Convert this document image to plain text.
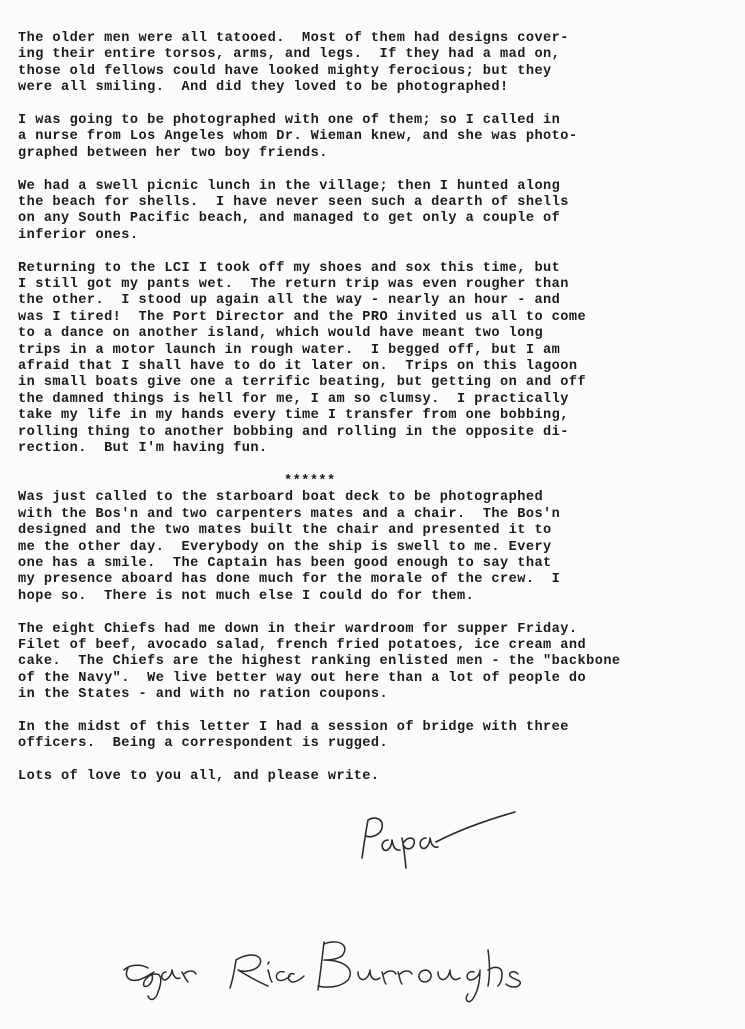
The older men were all tatooed.  Most of them had designs cover-
ing their entire torsos, arms, and legs.  If they had a mad on,
those old fellows could have looked mighty ferocious; but they
were all smiling.  And did they loved to be photographed!

I was going to be photographed with one of them; so I called in
a nurse from Los Angeles whom Dr. Wieman knew, and she was photo-
graphed between her two boy friends.

We had a swell picnic lunch in the village; then I hunted along
the beach for shells.  I have never seen such a dearth of shells
on any South Pacific beach, and managed to get only a couple of
inferior ones.

Returning to the LCI I took off my shoes and sox this time, but
I still got my pants wet.  The return trip was even rougher than
the other.  I stood up again all the way - nearly an hour - and
was I tired!  The Port Director and the PRO invited us all to come
to a dance on another island, which would have meant two long
trips in a motor launch in rough water.  I begged off, but I am
afraid that I shall have to do it later on.  Trips on this lagoon
in small boats give one a terrific beating, but getting on and off
the damned things is hell for me, I am so clumsy.  I practically
take my life in my hands every time I transfer from one bobbing,
rolling thing to another bobbing and rolling in the opposite di-
rection.  But I'm having fun.

******

Was just called to the starboard boat deck to be photographed
with the Bos'n and two carpenters mates and a chair.  The Bos'n
designed and the two mates built the chair and presented it to
me the other day.  Everybody on the ship is swell to me. Every
one has a smile.  The Captain has been good enough to say that
my presence aboard has done much for the morale of the crew.  I
hope so.  There is not much else I could do for them.

The eight Chiefs had me down in their wardroom for supper Friday.
Filet of beef, avocado salad, french fried potatoes, ice cream and
cake.  The Chiefs are the highest ranking enlisted men - the "backbone
of the Navy".  We live better way out here than a lot of people do
in the States - and with no ration coupons.

In the midst of this letter I had a session of bridge with three
officers.  Being a correspondent is rugged.

Lots of love to you all, and please write.
